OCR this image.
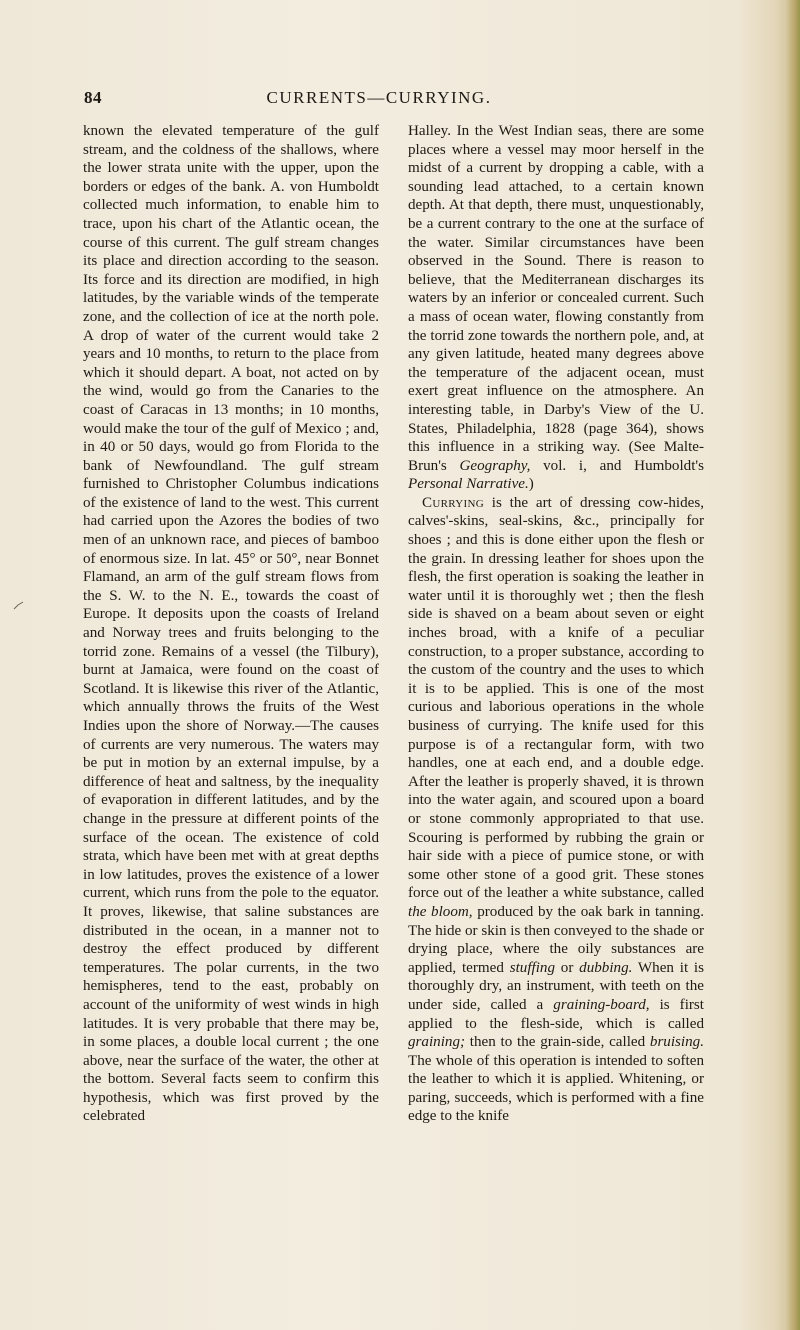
84	CURRENTS—CURRYING.

known the elevated temperature of the gulf stream, and the coldness of the shallows, where the lower strata unite with the upper, upon the borders or edges of the bank. A. von Humboldt collected much information, to enable him to trace, upon his chart of the Atlantic ocean, the course of this current. The gulf stream changes its place and direction according to the season. Its force and its direction are modified, in high latitudes, by the variable winds of the temperate zone, and the collection of ice at the north pole. A drop of water of the current would take 2 years and 10 months, to return to the place from which it should depart. A boat, not acted on by the wind, would go from the Canaries to the coast of Caracas in 13 months; in 10 months, would make the tour of the gulf of Mexico ; and, in 40 or 50 days, would go from Florida to the bank of Newfoundland. The gulf stream furnished to Christopher Columbus indications of the existence of land to the west. This current had carried upon the Azores the bodies of two men of an unknown race, and pieces of bamboo of enormous size. In lat. 45° or 50°, near Bonnet Flamand, an arm of the gulf stream flows from the S. W. to the N. E., towards the coast of Europe. It deposits upon the coasts of Ireland and Norway trees and fruits belonging to the torrid zone. Remains of a vessel (the Tilbury), burnt at Jamaica, were found on the coast of Scotland. It is likewise this river of the Atlantic, which annually throws the fruits of the West Indies upon the shore of Norway.—The causes of currents are very numerous. The waters may be put in motion by an external impulse, by a difference of heat and saltness, by the inequality of evaporation in different latitudes, and by the change in the pressure at different points of the surface of the ocean. The existence of cold strata, which have been met with at great depths in low latitudes, proves the existence of a lower current, which runs from the pole to the equator. It proves, likewise, that saline substances are distributed in the ocean, in a manner not to destroy the effect produced by different temperatures. The polar currents, in the two hemispheres, tend to the east, probably on account of the uniformity of west winds in high latitudes. It is very probable that there may be, in some places, a double local current ; the one above, near the surface of the water, the other at the bottom. Several facts seem to confirm this hypothesis, which was first proved by the celebrated

Halley. In the West Indian seas, there are some places where a vessel may moor herself in the midst of a current by dropping a cable, with a sounding lead attached, to a certain known depth. At that depth, there must, unquestionably, be a current contrary to the one at the surface of the water. Similar circumstances have been observed in the Sound. There is reason to believe, that the Mediterranean discharges its waters by an inferior or concealed current. Such a mass of ocean water, flowing constantly from the torrid zone towards the northern pole, and, at any given latitude, heated many degrees above the temperature of the adjacent ocean, must exert great influence on the atmosphere. An interesting table, in Darby's View of the U. States, Philadelphia, 1828 (page 364), shows this influence in a striking way. (See Malte-Brun's Geography, vol. i, and Humboldt's Personal Narrative.)

Currying is the art of dressing cow-hides, calves'-skins, seal-skins, &c., principally for shoes ; and this is done either upon the flesh or the grain. In dressing leather for shoes upon the flesh, the first operation is soaking the leather in water until it is thoroughly wet ; then the flesh side is shaved on a beam about seven or eight inches broad, with a knife of a peculiar construction, to a proper substance, according to the custom of the country and the uses to which it is to be applied. This is one of the most curious and laborious operations in the whole business of currying. The knife used for this purpose is of a rectangular form, with two handles, one at each end, and a double edge. After the leather is properly shaved, it is thrown into the water again, and scoured upon a board or stone commonly appropriated to that use. Scouring is performed by rubbing the grain or hair side with a piece of pumice stone, or with some other stone of a good grit. These stones force out of the leather a white substance, called the bloom, produced by the oak bark in tanning. The hide or skin is then conveyed to the shade or drying place, where the oily substances are applied, termed stuffing or dubbing. When it is thoroughly dry, an instrument, with teeth on the under side, called a graining-board, is first applied to the flesh-side, which is called graining; then to the grain-side, called bruising. The whole of this operation is intended to soften the leather to which it is applied. Whitening, or paring, succeeds, which is performed with a fine edge to the knife
